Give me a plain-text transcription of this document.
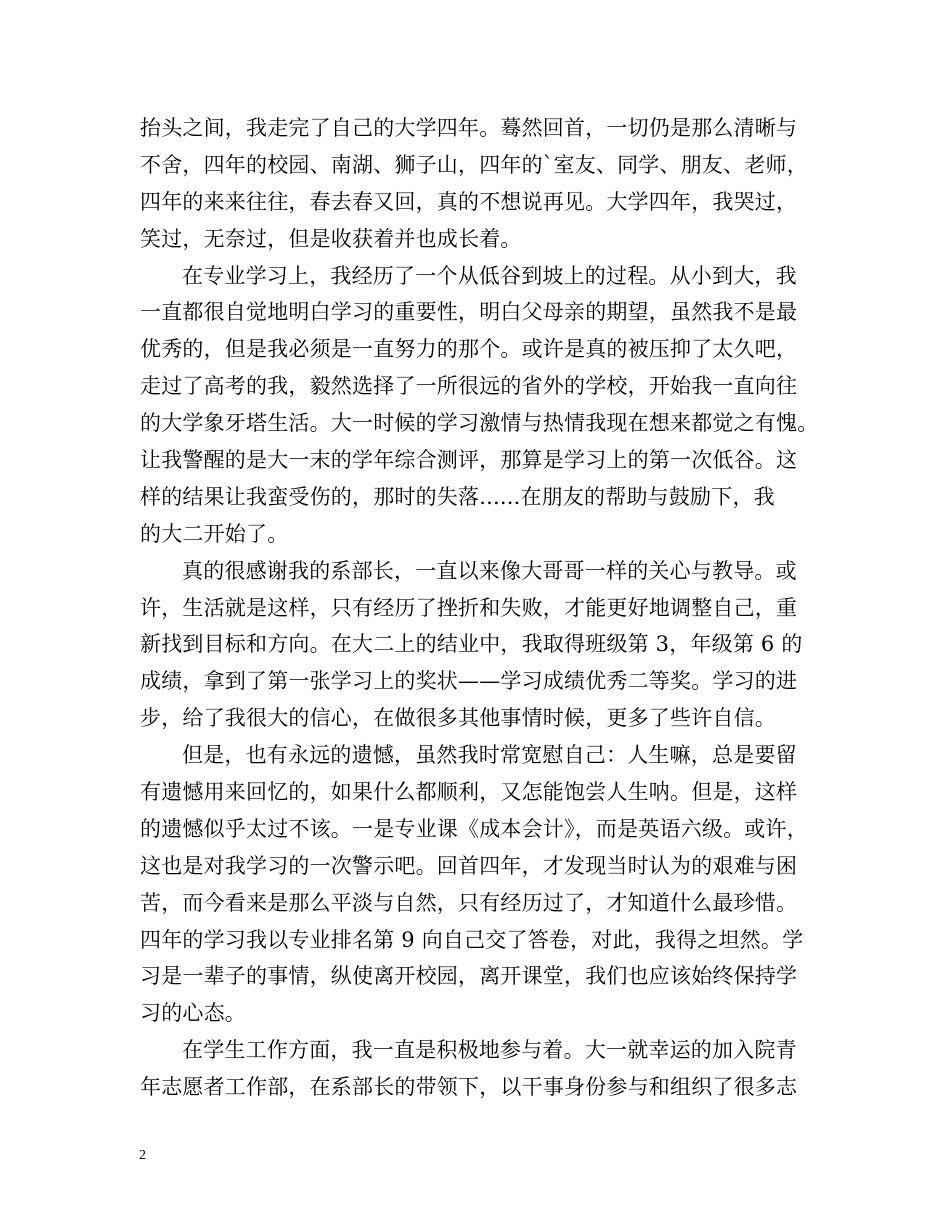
抬头之间，我走完了自己的大学四年。蓦然回首，一切仍是那么清晰与
不舍，四年的校园、南湖、狮子山，四年的`室友、同学、朋友、老师，
四年的来来往往，春去春又回，真的不想说再见。大学四年，我哭过，
笑过，无奈过，但是收获着并也成长着。
在专业学习上，我经历了一个从低谷到坡上的过程。从小到大，我
一直都很自觉地明白学习的重要性，明白父母亲的期望，虽然我不是最
优秀的，但是我必须是一直努力的那个。或许是真的被压抑了太久吧，
走过了高考的我，毅然选择了一所很远的省外的学校，开始我一直向往
的大学象牙塔生活。大一时候的学习激情与热情我现在想来都觉之有愧。
让我警醒的是大一末的学年综合测评，那算是学习上的第一次低谷。这
样的结果让我蛮受伤的，那时的失落......在朋友的帮助与鼓励下，我
的大二开始了。
真的很感谢我的系部长，一直以来像大哥哥一样的关心与教导。或
许，生活就是这样，只有经历了挫折和失败，才能更好地调整自己，重
新找到目标和方向。在大二上的结业中，我取得班级第 3，年级第 6 的
成绩，拿到了第一张学习上的奖状——学习成绩优秀二等奖。学习的进
步，给了我很大的信心，在做很多其他事情时候，更多了些许自信。
但是，也有永远的遗憾，虽然我时常宽慰自己：人生嘛，总是要留
有遗憾用来回忆的，如果什么都顺利，又怎能饱尝人生呐。但是，这样
的遗憾似乎太过不该。一是专业课《成本会计》，而是英语六级。或许，
这也是对我学习的一次警示吧。回首四年，才发现当时认为的艰难与困
苦，而今看来是那么平淡与自然，只有经历过了，才知道什么最珍惜。
四年的学习我以专业排名第 9 向自己交了答卷，对此，我得之坦然。学
习是一辈子的事情，纵使离开校园，离开课堂，我们也应该始终保持学
习的心态。
在学生工作方面，我一直是积极地参与着。大一就幸运的加入院青
年志愿者工作部，在系部长的带领下，以干事身份参与和组织了很多志
2
